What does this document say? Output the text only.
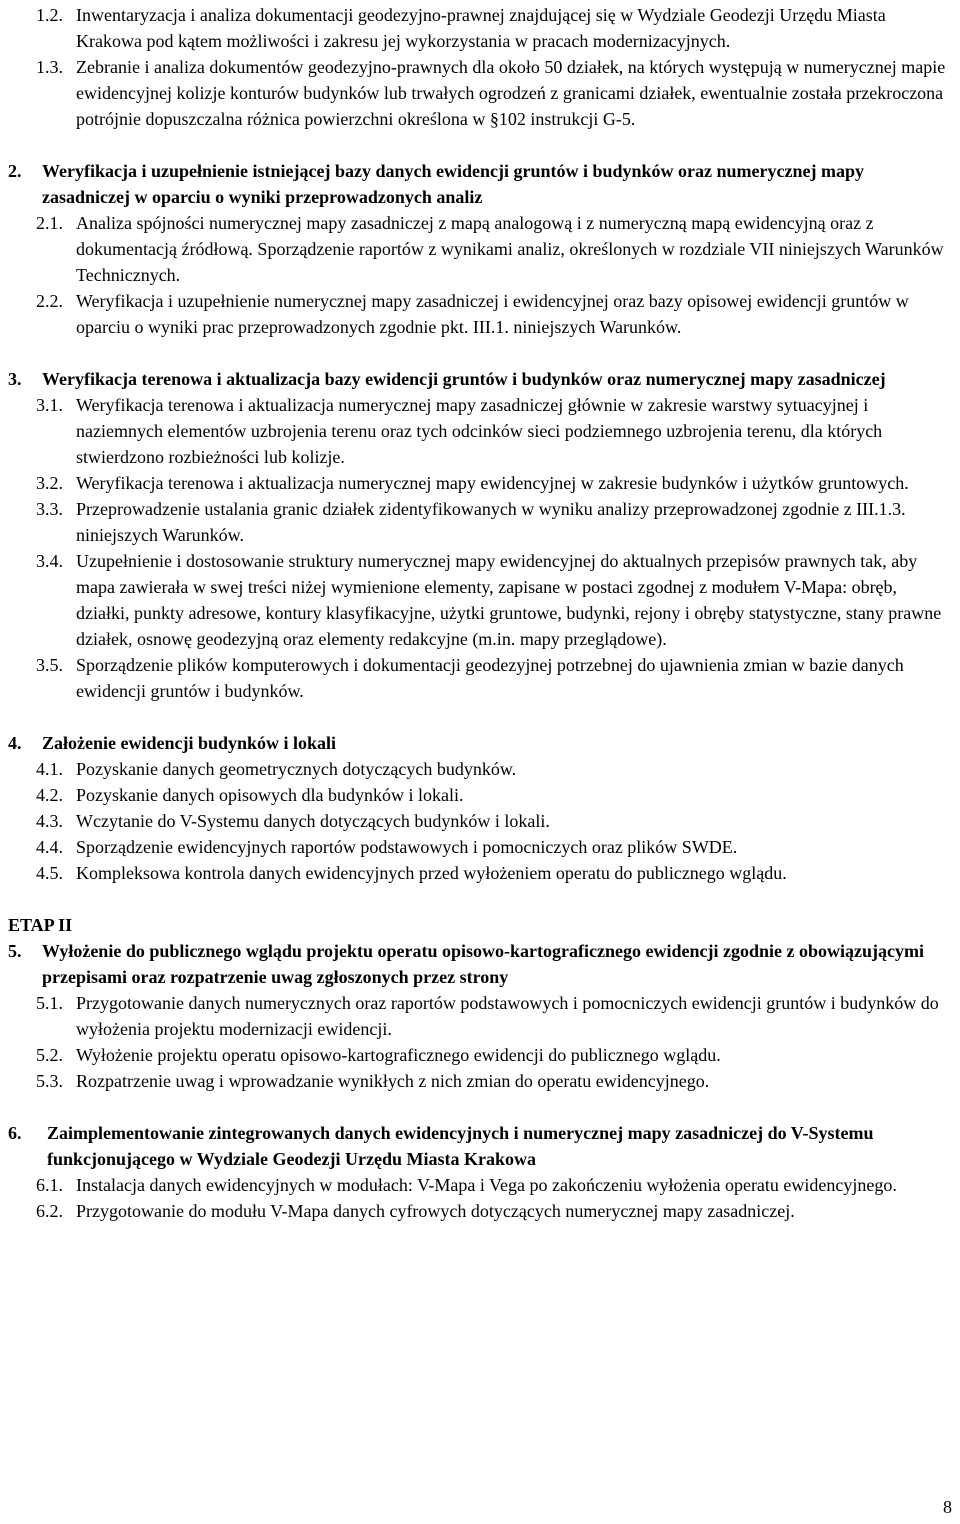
1.2. Inwentaryzacja i analiza dokumentacji geodezyjno-prawnej znajdującej się w Wydziale Geodezji Urzędu Miasta Krakowa pod kątem możliwości i zakresu jej wykorzystania w pracach modernizacyjnych.
1.3. Zebranie i analiza dokumentów geodezyjno-prawnych dla około 50 działek, na których występują w numerycznej mapie ewidencyjnej kolizje konturów budynków lub trwałych ogrodzeń z granicami działek, ewentualnie została przekroczona potrójnie dopuszczalna różnica powierzchni określona w §102 instrukcji G-5.
2. Weryfikacja i uzupełnienie istniejącej bazy danych ewidencji gruntów i budynków oraz numerycznej mapy zasadniczej w oparciu o wyniki przeprowadzonych analiz
2.1. Analiza spójności numerycznej mapy zasadniczej z mapą analogową i z numeryczną mapą ewidencyjną oraz z dokumentacją źródłową. Sporządzenie raportów z wynikami analiz, określonych w rozdziale VII niniejszych Warunków Technicznych.
2.2. Weryfikacja i uzupełnienie numerycznej mapy zasadniczej i ewidencyjnej oraz bazy opisowej ewidencji gruntów w oparciu o wyniki prac przeprowadzonych zgodnie pkt. III.1. niniejszych Warunków.
3. Weryfikacja terenowa i aktualizacja bazy ewidencji gruntów i budynków oraz numerycznej mapy zasadniczej
3.1. Weryfikacja terenowa i aktualizacja numerycznej mapy zasadniczej głównie w zakresie warstwy sytuacyjnej i naziemnych elementów uzbrojenia terenu oraz tych odcinków sieci podziemnego uzbrojenia terenu, dla których stwierdzono rozbieżności lub kolizje.
3.2. Weryfikacja terenowa i aktualizacja numerycznej mapy ewidencyjnej w zakresie budynków i użytków gruntowych.
3.3. Przeprowadzenie ustalania granic działek zidentyfikowanych w wyniku analizy przeprowadzonej zgodnie z III.1.3. niniejszych Warunków.
3.4. Uzupełnienie i dostosowanie struktury numerycznej mapy ewidencyjnej do aktualnych przepisów prawnych tak, aby mapa zawierała w swej treści niżej wymienione elementy, zapisane w postaci zgodnej z modułem V-Mapa: obręb, działki, punkty adresowe, kontury klasyfikacyjne, użytki gruntowe, budynki, rejony i obręby statystyczne, stany prawne działek, osnowę geodezyjną oraz elementy redakcyjne (m.in. mapy przeglądowe).
3.5. Sporządzenie plików komputerowych i dokumentacji geodezyjnej potrzebnej do ujawnienia zmian w bazie danych ewidencji gruntów i budynków.
4. Założenie ewidencji budynków i lokali
4.1. Pozyskanie danych geometrycznych dotyczących budynków.
4.2. Pozyskanie danych opisowych dla budynków i lokali.
4.3. Wczytanie do V-Systemu danych dotyczących budynków i lokali.
4.4. Sporządzenie ewidencyjnych raportów podstawowych i pomocniczych oraz plików SWDE.
4.5. Kompleksowa kontrola danych ewidencyjnych przed wyłożeniem operatu do publicznego wglądu.
ETAP II
5. Wyłożenie do publicznego wglądu projektu operatu opisowo-kartograficznego ewidencji zgodnie z obowiązującymi przepisami oraz rozpatrzenie uwag zgłoszonych przez strony
5.1. Przygotowanie danych numerycznych oraz raportów podstawowych i pomocniczych ewidencji gruntów i budynków do wyłożenia projektu modernizacji ewidencji.
5.2. Wyłożenie projektu operatu opisowo-kartograficznego ewidencji do publicznego wglądu.
5.3. Rozpatrzenie uwag i wprowadzanie wynikłych z nich zmian do operatu ewidencyjnego.
6. Zaimplementowanie zintegrowanych danych ewidencyjnych i numerycznej mapy zasadniczej do V-Systemu funkcjonującego w Wydziale Geodezji Urzędu Miasta Krakowa
6.1. Instalacja danych ewidencyjnych w modułach: V-Mapa i Vega po zakończeniu wyłożenia operatu ewidencyjnego.
6.2. Przygotowanie do modułu V-Mapa danych cyfrowych dotyczących numerycznej mapy zasadniczej.
8
